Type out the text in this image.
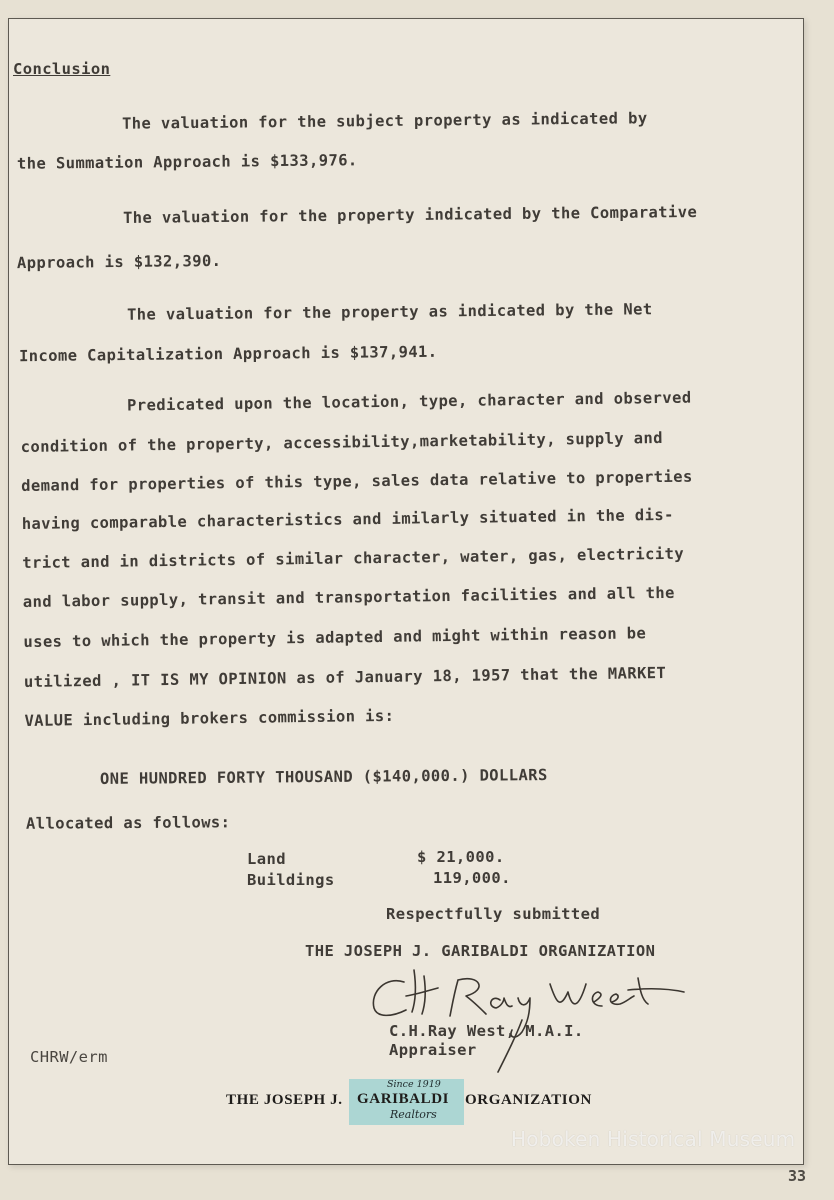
Conclusion
The valuation for the subject property as indicated by
the Summation Approach is $133,976.
The valuation for the property indicated by the Comparative
Approach is $132,390.
The valuation for the property as indicated by the Net
Income Capitalization Approach is $137,941.
Predicated upon the location, type, character and observed
condition of the property, accessibility,marketability, supply and
demand for properties of this type, sales data relative to properties
having comparable characteristics and imilarly situated in the dis-
trict and in districts of similar character, water, gas, electricity
and labor supply, transit and transportation facilities and all the
uses to which the property is adapted and might within reason be
utilized , IT IS MY OPINION as of January 18, 1957 that the MARKET
VALUE including brokers commission is:
ONE HUNDRED FORTY THOUSAND ($140,000.) DOLLARS
Allocated as follows:
Land	$ 21,000.
Buildings	119,000.
Respectfully submitted
THE JOSEPH J. GARIBALDI ORGANIZATION
C.H.Ray West, M.A.I.
Appraiser
CHRW/erm
THE JOSEPH J.	ORGANIZATION
Since 1919
GARIBALDI
Realtors
Hoboken Historical Museum
33
